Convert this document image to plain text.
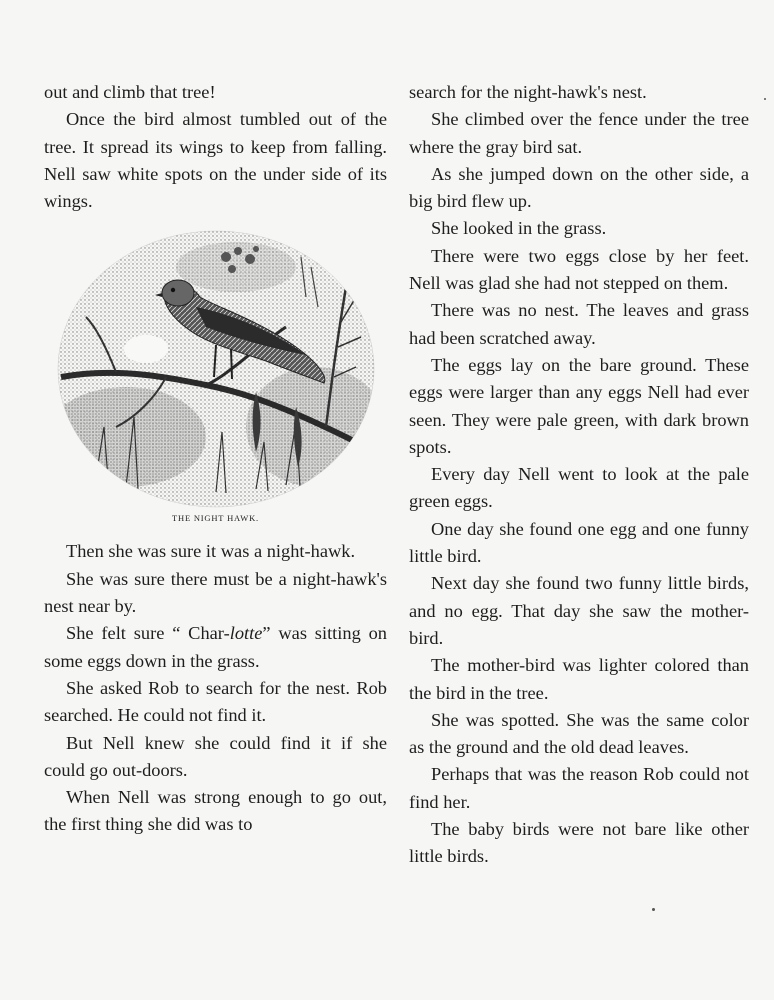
out and climb that tree!

Once the bird almost tumbled out of the tree. It spread its wings to keep from falling. Nell saw white spots on the under side of its wings.

THE NIGHT HAWK.

Then she was sure it was a night-hawk.

She was sure there must be a night-hawk's nest near by.

She felt sure “ Char-lotte” was sitting on some eggs down in the grass.

She asked Rob to search for the nest. Rob searched. He could not find it.

But Nell knew she could find it if she could go out-doors.

When Nell was strong enough to go out, the first thing she did was to

search for the night-hawk's nest.

She climbed over the fence under the tree where the gray bird sat.

As she jumped down on the other side, a big bird flew up.

She looked in the grass.

There were two eggs close by her feet. Nell was glad she had not stepped on them.

There was no nest. The leaves and grass had been scratched away.

The eggs lay on the bare ground. These eggs were larger than any eggs Nell had ever seen. They were pale green, with dark brown spots.

Every day Nell went to look at the pale green eggs.

One day she found one egg and one funny little bird.

Next day she found two funny little birds, and no egg. That day she saw the mother-bird.

The mother-bird was lighter colored than the bird in the tree.

She was spotted. She was the same color as the ground and the old dead leaves.

Perhaps that was the reason Rob could not find her.

The baby birds were not bare like other little birds.
